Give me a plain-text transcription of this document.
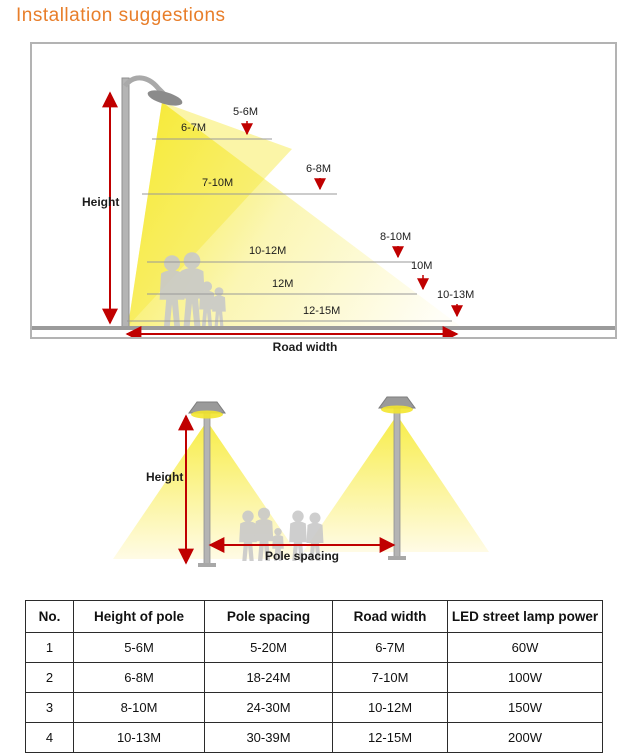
Installation suggestions
6-7M
5-6M
7-10M
6-8M
10-12M
8-10M
12M
10M
12-15M
10-13M
Height
Road width
Height
Pole spacing
No.	Height of pole	Pole spacing	Road width	LED street lamp power
1	5-6M	5-20M	6-7M	60W
2	6-8M	18-24M	7-10M	100W
3	8-10M	24-30M	10-12M	150W
4	10-13M	30-39M	12-15M	200W
